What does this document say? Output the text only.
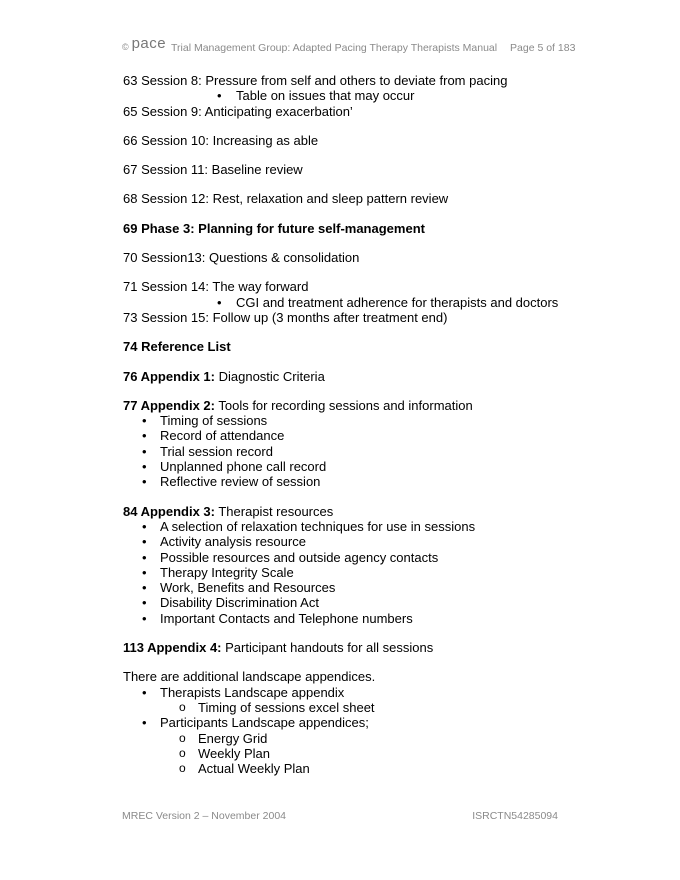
© pace Trial Management Group: Adapted Pacing Therapy Therapists Manual Page 5 of 183

63 Session 8: Pressure from self and others to deviate from pacing

• Table on issues that may occur

65 Session 9: Anticipating exacerbation’

66 Session 10: Increasing as able

67 Session 11: Baseline review

68 Session 12: Rest, relaxation and sleep pattern review

69 Phase 3: Planning for future self-management

70 Session13: Questions & consolidation

71 Session 14: The way forward

• CGI and treatment adherence for therapists and doctors

73 Session 15: Follow up (3 months after treatment end)

74 Reference List

76 Appendix 1: Diagnostic Criteria

77 Appendix 2: Tools for recording sessions and information

• Timing of sessions
• Record of attendance
• Trial session record
• Unplanned phone call record
• Reflective review of session

84 Appendix 3: Therapist resources

• A selection of relaxation techniques for use in sessions
• Activity analysis resource
• Possible resources and outside agency contacts
• Therapy Integrity Scale
• Work, Benefits and Resources
• Disability Discrimination Act
• Important Contacts and Telephone numbers

113 Appendix 4: Participant handouts for all sessions

There are additional landscape appendices.

• Therapists Landscape appendix
o Timing of sessions excel sheet
• Participants Landscape appendices;
o Energy Grid
o Weekly Plan
o Actual Weekly Plan
MREC Version 2 – November 2004	ISRCTN54285094
